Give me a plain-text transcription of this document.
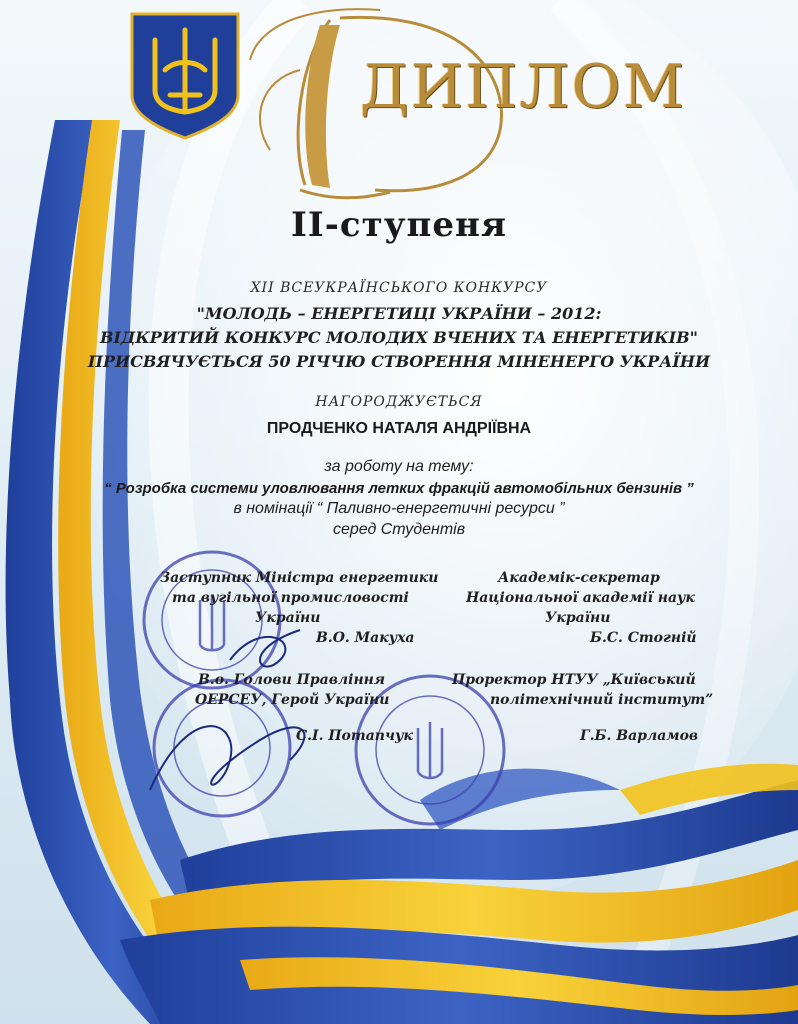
ДИПЛОМ
ІІ-ступеня
XII ВСЕУКРАЇНСЬКОГО КОНКУРСУ
"МОЛОДЬ – ЕНЕРГЕТИЦІ УКРАЇНИ – 2012:
ВІДКРИТИЙ КОНКУРС МОЛОДИХ ВЧЕНИХ ТА ЕНЕРГЕТИКІВ"
ПРИСВЯЧУЄТЬСЯ 50 РІЧЧЮ СТВОРЕННЯ МІНЕНЕРГО УКРАЇНИ
НАГОРОДЖУЄТЬСЯ
ПРОДЧЕНКО НАТАЛЯ АНДРІЇВНА
за роботу на тему:
“ Розробка системи уловлювання летких фракцій автомобільних бензинів ”
в номінації “ Паливно-енергетичні ресурси ”
серед Студентів
Заступник Міністра енергетики
та вугільної промисловості
України
В.О. Макуха
Академік-секретар
Національної академії наук
України
Б.С. Стогній
В.о. Голови Правління
ОЕРСЕУ, Герой України
С.І. Потапчук
Проректор НТУУ „Київський
політехнічний інститут”
Г.Б. Варламов
